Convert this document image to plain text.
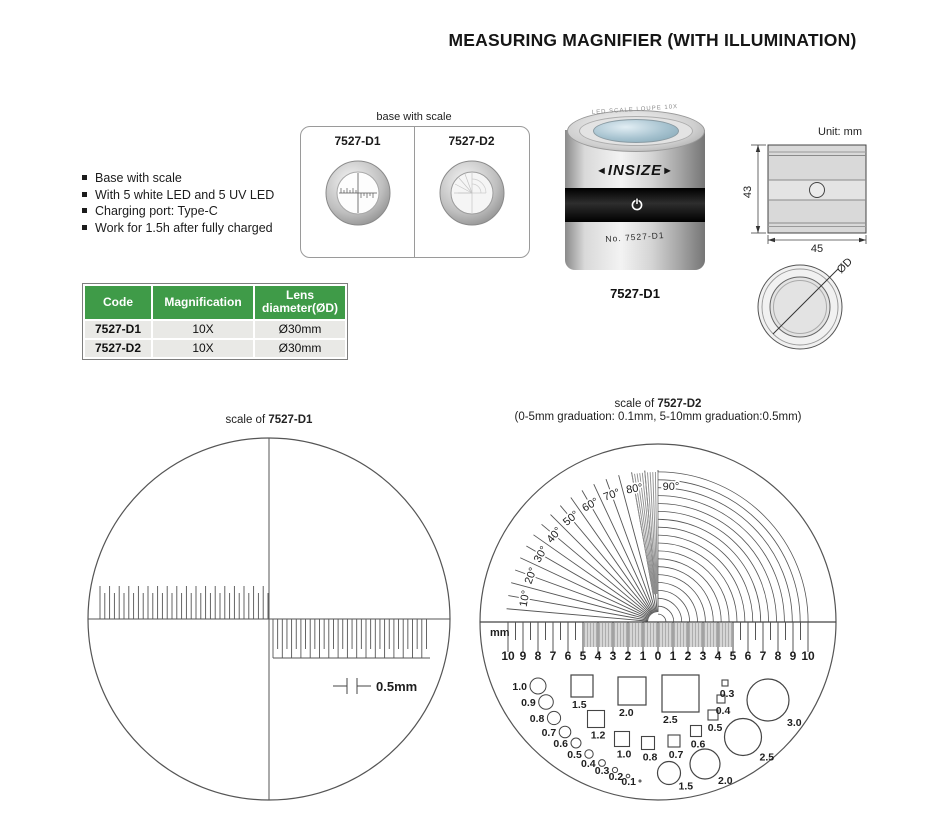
MEASURING MAGNIFIER (WITH ILLUMINATION)
Base with scale
With 5 white LED and 5 UV LED
Charging port: Type-C
Work for 1.5h after fully charged
base with scale
7527-D1	7527-D2
LED SCALE LOUPE 10X
◄INSIZE►
No. 7527-D1
7527-D1
Unit: mm
43
45
ØD
Code	Magnification	Lens diameter(ØD)
7527-D1	10X	Ø30mm
7527-D2	10X	Ø30mm
scale of 7527-D1
0.5mm
scale of 7527-D2
(0-5mm graduation: 0.1mm, 5-10mm graduation:0.5mm)
10°
20°
30°
40°
50°
60°
70° 80° 90°
10 9 8 7 6 5 4 3 2 1 0 1 2 3 4 5 6 7 8 9 10
mm
1.0
0.9
0.8
0.7
0.6
0.5
0.4
0.3 0.2
0.1
1.5
2.0
2.5
1.2
1.0 0.8 0.7
0.6
0.5
0.4
0.3
3.0
2.5
2.0
1.5
